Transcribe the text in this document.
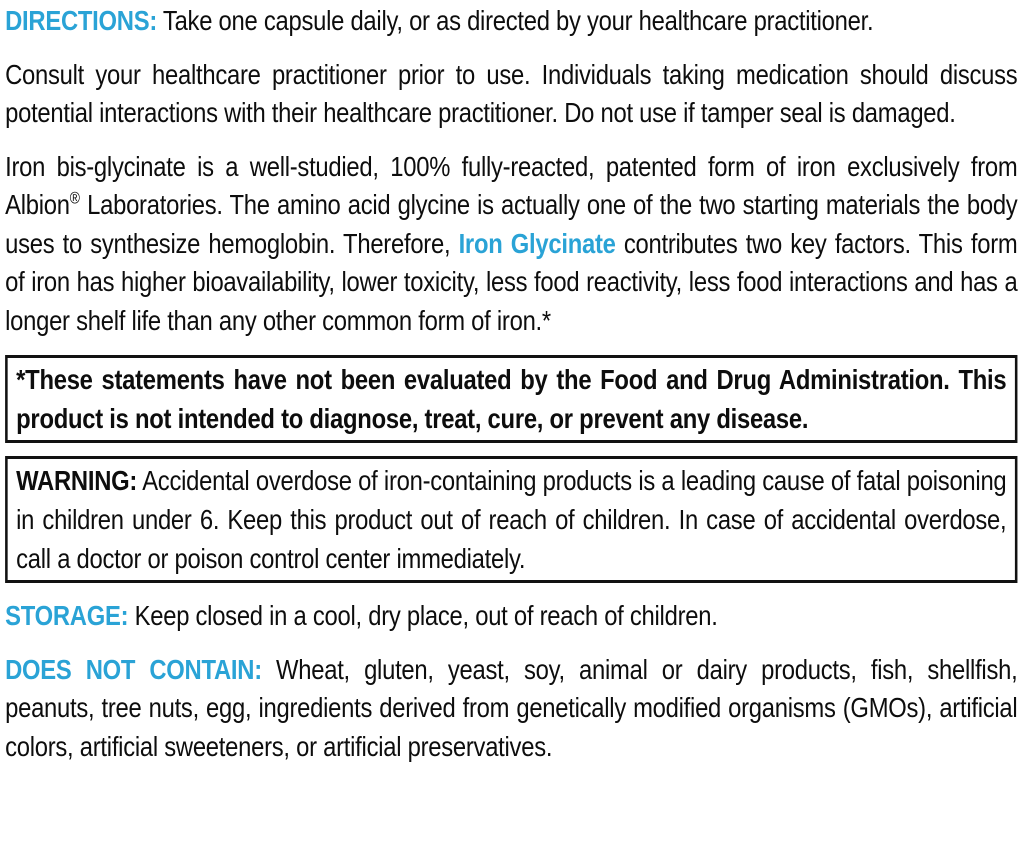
DIRECTIONS: Take one capsule daily, or as directed by your healthcare practitioner.

Consult your healthcare practitioner prior to use. Individuals taking medication should discuss potential interactions with their healthcare practitioner. Do not use if tamper seal is damaged.

Iron bis-glycinate is a well-studied, 100% fully-reacted, patented form of iron exclusively from Albion® Laboratories. The amino acid glycine is actually one of the two starting materials the body uses to synthesize hemoglobin. Therefore, Iron Glycinate contributes two key factors. This form of iron has higher bioavailability, lower toxicity, less food reactivity, less food interactions and has a longer shelf life than any other common form of iron.*

*These statements have not been evaluated by the Food and Drug Administration. This product is not intended to diagnose, treat, cure, or prevent any disease.
WARNING: Accidental overdose of iron-containing products is a leading cause of fatal poisoning in children under 6. Keep this product out of reach of children. In case of accidental overdose, call a doctor or poison control center immediately.

STORAGE: Keep closed in a cool, dry place, out of reach of children.

DOES NOT CONTAIN: Wheat, gluten, yeast, soy, animal or dairy products, fish, shellfish, peanuts, tree nuts, egg, ingredients derived from genetically modified organisms (GMOs), artificial colors, artificial sweeteners, or artificial preservatives.
